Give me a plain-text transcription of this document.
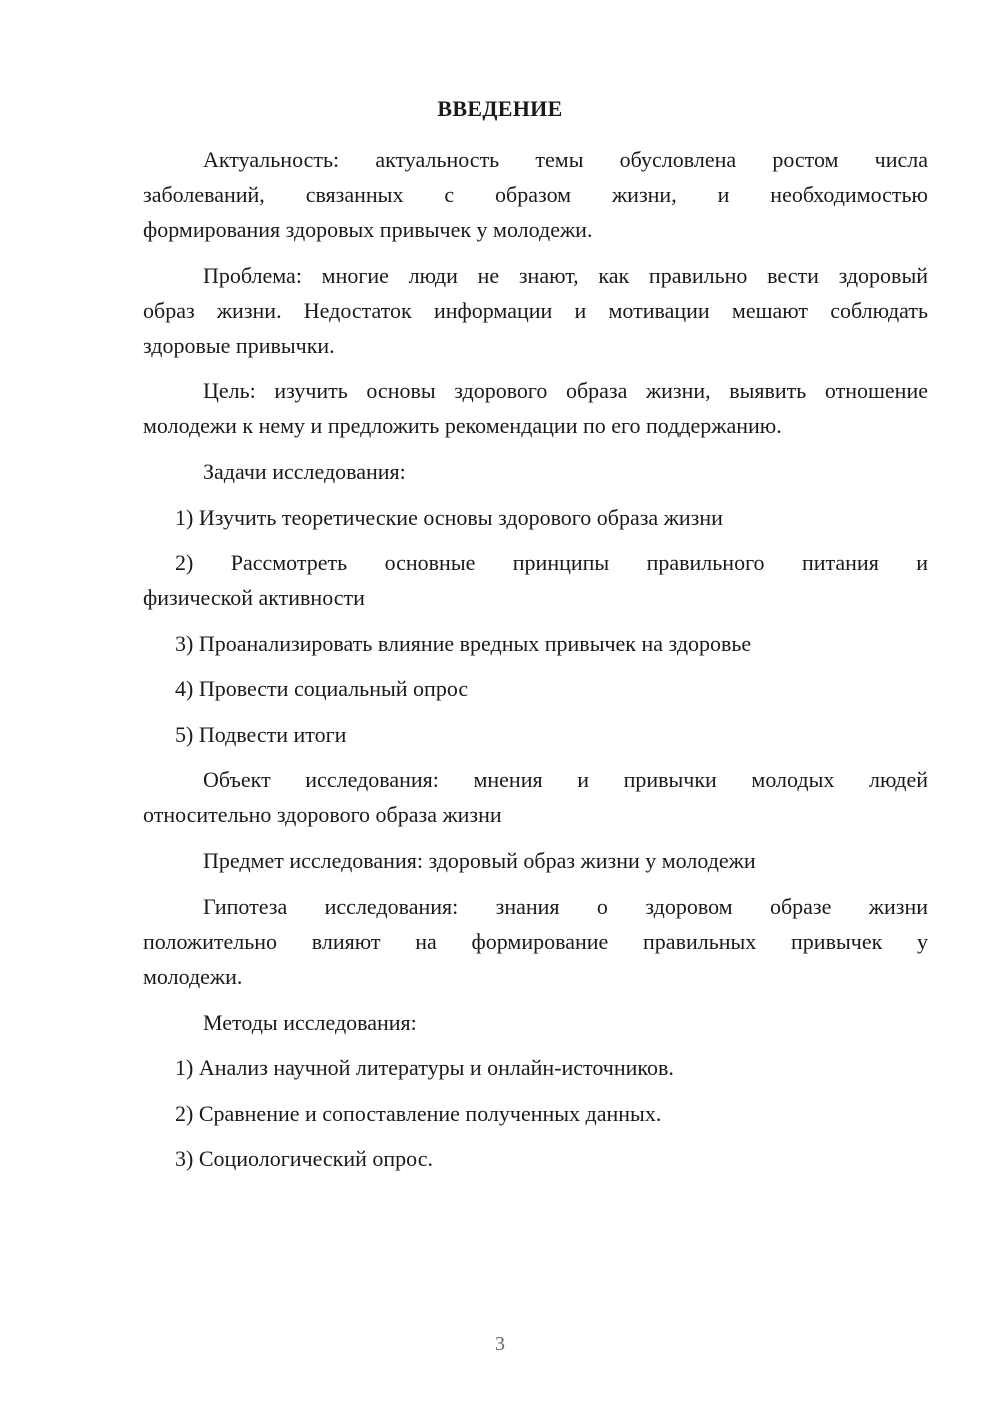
ВВЕДЕНИЕ
Актуальность: актуальность темы обусловлена ростом числа
заболеваний, связанных с образом жизни, и необходимостью
формирования здоровых привычек у молодежи.
Проблема: многие люди не знают, как правильно вести здоровый
образ жизни. Недостаток информации и мотивации мешают соблюдать
здоровые привычки.
Цель: изучить основы здорового образа жизни, выявить отношение
молодежи к нему и предложить рекомендации по его поддержанию.
Задачи исследования:
1) Изучить теоретические основы здорового образа жизни
2) Рассмотреть основные принципы правильного питания и
физической активности
3) Проанализировать влияние вредных привычек на здоровье
4) Провести социальный опрос
5) Подвести итоги
Объект исследования: мнения и привычки молодых людей
относительно здорового образа жизни
Предмет исследования: здоровый образ жизни у молодежи
Гипотеза исследования: знания о здоровом образе жизни
положительно влияют на формирование правильных привычек у
молодежи.
Методы исследования:
1) Анализ научной литературы и онлайн-источников.
2) Сравнение и сопоставление полученных данных.
3) Социологический опрос.
3
